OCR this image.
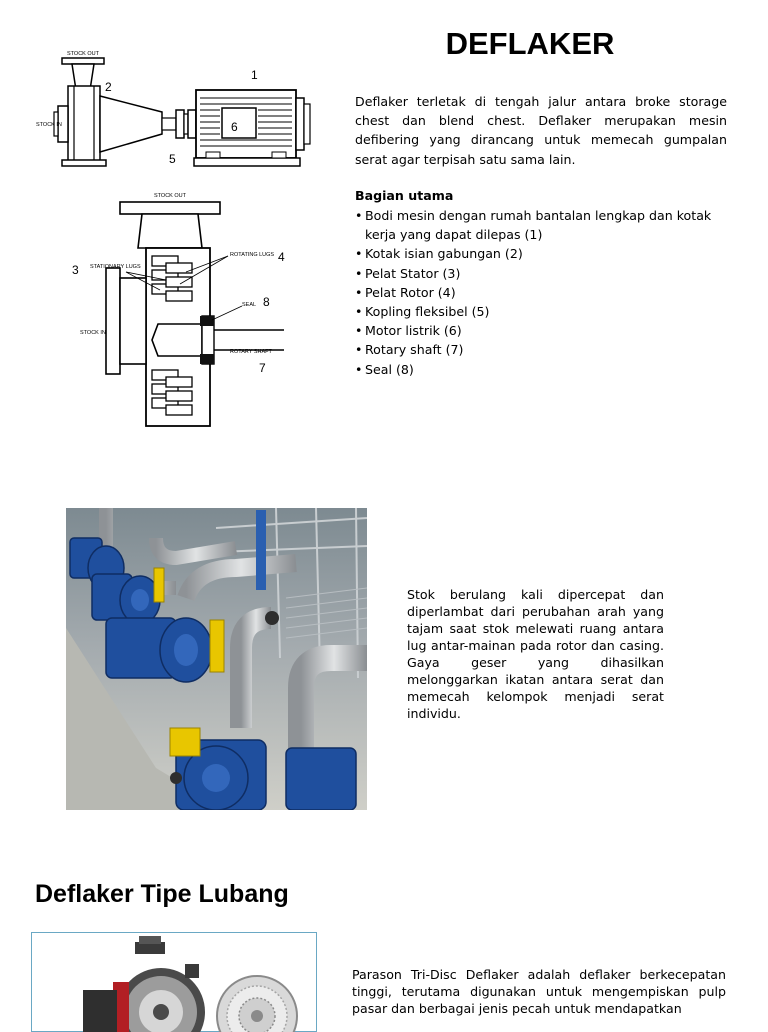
DEFLAKER
STOCK OUT
STOCK IN
1
2
5
6
STOCK OUT
STOCK IN
STATIONARY LUGS
ROTATING LUGS
SEAL
ROTARY SHAFT
3
4
8
7
Deflaker terletak di tengah jalur antara broke storage chest dan blend chest. Deflaker merupakan mesin defibering yang dirancang untuk memecah gumpalan serat agar terpisah satu sama lain.
Bagian utama
• Bodi mesin dengan rumah bantalan lengkap dan kotak kerja yang dapat dilepas (1)
• Kotak isian gabungan (2)
• Pelat Stator (3)
• Pelat Rotor (4)
• Kopling fleksibel (5)
• Motor listrik (6)
• Rotary shaft (7)
• Seal (8)
Stok berulang kali dipercepat dan diperlambat dari perubahan arah yang tajam saat stok melewati ruang antara lug antar-mainan pada rotor dan casing. Gaya geser yang dihasilkan melonggarkan ikatan antara serat dan memecah kelompok menjadi serat individu.
Deflaker Tipe Lubang
Parason Tri-Disc Deflaker adalah deflaker berkecepatan tinggi, terutama digunakan untuk mengempiskan pulp pasar dan berbagai jenis pecah untuk mendapatkan
